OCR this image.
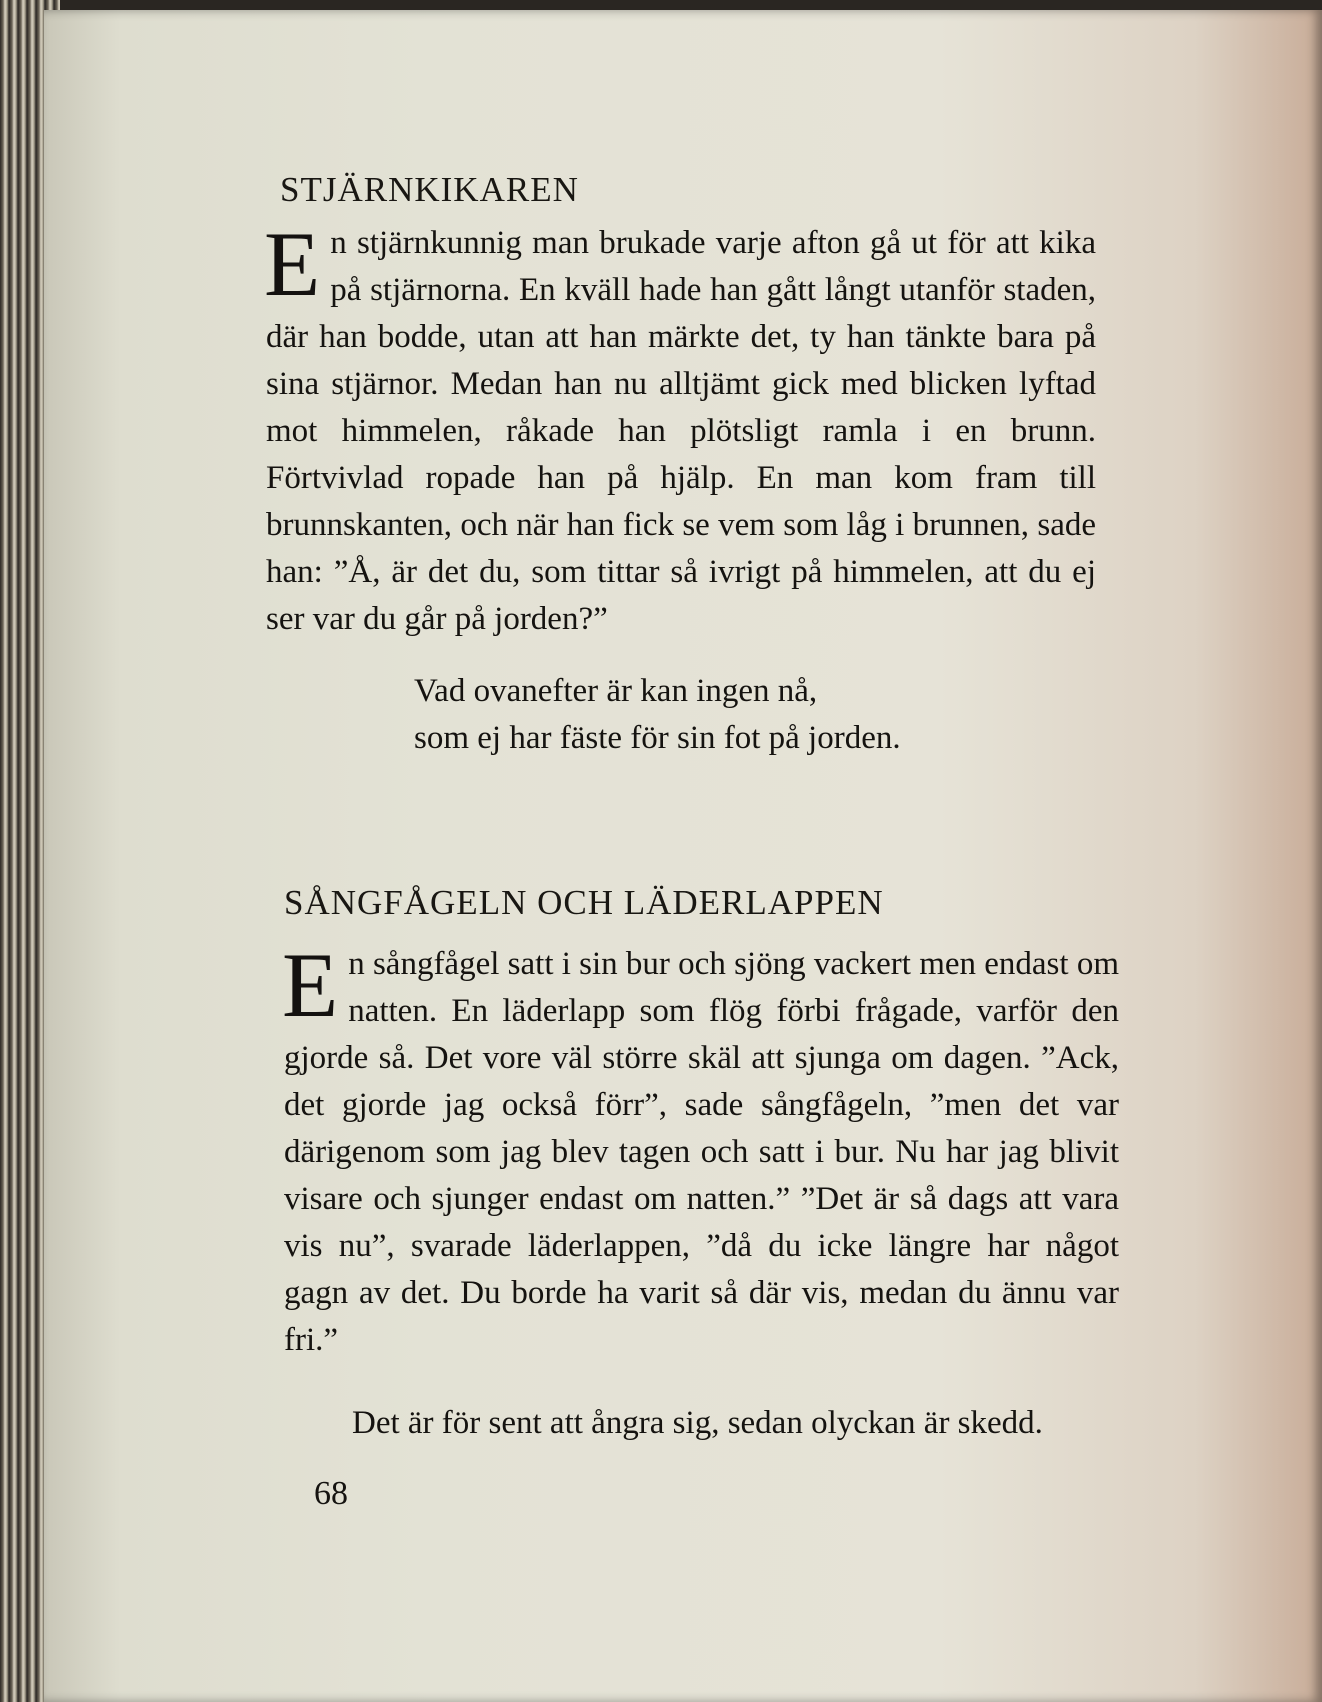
STJÄRNKIKAREN
En stjärnkunnig man brukade varje afton gå ut för att kika på stjärnorna. En kväll hade han gått långt utanför staden, där han bodde, utan att han märkte det, ty han tänkte bara på sina stjärnor. Medan han nu alltjämt gick med blicken lyftad mot himmelen, råkade han plötsligt ramla i en brunn. Förtvivlad ropade han på hjälp. En man kom fram till brunnskanten, och när han fick se vem som låg i brunnen, sade han: ”Å, är det du, som tittar så ivrigt på himmelen, att du ej ser var du går på jorden?”
Vad ovanefter är kan ingen nå,
som ej har fäste för sin fot på jorden.
SÅNGFÅGELN OCH LÄDERLAPPEN
En sångfågel satt i sin bur och sjöng vackert men endast om natten. En läderlapp som flög förbi frågade, varför den gjorde så. Det vore väl större skäl att sjunga om dagen. ”Ack, det gjorde jag också förr”, sade sångfågeln, ”men det var därigenom som jag blev tagen och satt i bur. Nu har jag blivit visare och sjunger endast om natten.” ”Det är så dags att vara vis nu”, svarade läderlappen, ”då du icke längre har något gagn av det. Du borde ha varit så där vis, medan du ännu var fri.”
Det är för sent att ångra sig, sedan olyckan är skedd.
68
